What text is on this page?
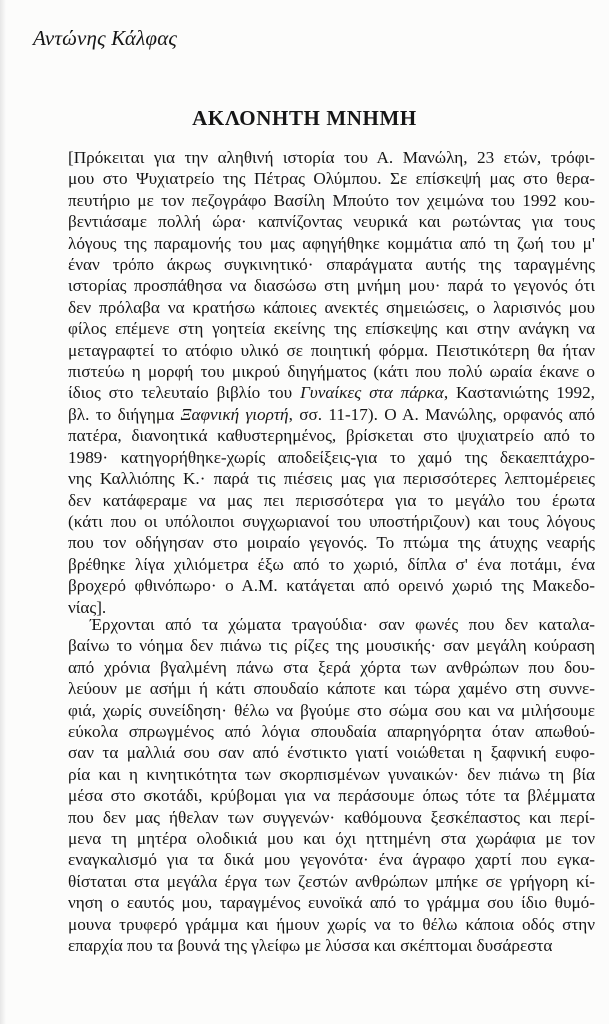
Αντώνης Κάλφας
ΑΚΛΟΝΗΤΗ ΜΝΗΜΗ
[Πρόκειται για την αληθινή ιστορία του Α. Μανώλη, 23 ετών, τρόφι-
μου στο Ψυχιατρείο της Πέτρας Ολύμπου. Σε επίσκεψή μας στο θερα-
πευτήριο με τον πεζογράφο Βασίλη Μπούτο τον χειμώνα του 1992 κου-
βεντιάσαμε πολλή ώρα· καπνίζοντας νευρικά και ρωτώντας για τους
λόγους της παραμονής του μας αφηγήθηκε κομμάτια από τη ζωή του μ'
έναν τρόπο άκρως συγκινητικό· σπαράγματα αυτής της ταραγμένης
ιστορίας προσπάθησα να διασώσω στη μνήμη μου· παρά το γεγονός ότι
δεν πρόλαβα να κρατήσω κάποιες ανεκτές σημειώσεις, ο λαρισινός μου
φίλος επέμενε στη γοητεία εκείνης της επίσκεψης και στην ανάγκη να
μεταγραφτεί το ατόφιο υλικό σε ποιητική φόρμα. Πειστικότερη θα ήταν
πιστεύω η μορφή του μικρού διηγήματος (κάτι που πολύ ωραία έκανε ο
ίδιος στο τελευταίο βιβλίο του Γυναίκες στα πάρκα, Καστανιώτης 1992,
βλ. το διήγημα Ξαφνική γιορτή, σσ. 11-17). Ο Α. Μανώλης, ορφανός από
πατέρα, διανοητικά καθυστερημένος, βρίσκεται στο ψυχιατρείο από το
1989· κατηγορήθηκε-χωρίς αποδείξεις-για το χαμό της δεκαεπτάχρο-
νης Καλλιόπης Κ.· παρά τις πιέσεις μας για περισσότερες λεπτομέρειες
δεν κατάφεραμε να μας πει περισσότερα για το μεγάλο του έρωτα
(κάτι που οι υπόλοιποι συγχωριανοί του υποστήριζουν) και τους λόγους
που τον οδήγησαν στο μοιραίο γεγονός. Το πτώμα της άτυχης νεαρής
βρέθηκε λίγα χιλιόμετρα έξω από το χωριό, δίπλα σ' ένα ποτάμι, ένα
βροχερό φθινόπωρο· ο Α.Μ. κατάγεται από ορεινό χωριό της Μακεδο-
νίας].
Έρχονται από τα χώματα τραγούδια· σαν φωνές που δεν καταλα-
βαίνω το νόημα δεν πιάνω τις ρίζες της μουσικής· σαν μεγάλη κούραση
από χρόνια βγαλμένη πάνω στα ξερά χόρτα των ανθρώπων που δου-
λεύουν με ασήμι ή κάτι σπουδαίο κάποτε και τώρα χαμένο στη συννε-
φιά, χωρίς συνείδηση· θέλω να βγούμε στο σώμα σου και να μιλήσουμε
εύκολα σπρωγμένος από λόγια σπουδαία απαρηγόρητα όταν απωθού-
σαν τα μαλλιά σου σαν από ένστικτο γιατί νοιώθεται η ξαφνική ευφο-
ρία και η κινητικότητα των σκορπισμένων γυναικών· δεν πιάνω τη βία
μέσα στο σκοτάδι, κρύβομαι για να περάσουμε όπως τότε τα βλέμματα
που δεν μας ήθελαν των συγγενών· καθόμουνα ξεσκέπαστος και περί-
μενα τη μητέρα ολοδικιά μου και όχι ηττημένη στα χωράφια με τον
εναγκαλισμό για τα δικά μου γεγονότα· ένα άγραφο χαρτί που εγκα-
θίσταται στα μεγάλα έργα των ζεστών ανθρώπων μπήκε σε γρήγορη κί-
νηση ο εαυτός μου, ταραγμένος ευνοϊκά από το γράμμα σου ίδιο θυμό-
μουνα τρυφερό γράμμα και ήμουν χωρίς να το θέλω κάποια οδός στην
επαρχία που τα βουνά της γλείφω με λύσσα και σκέπτομαι δυσάρεστα
